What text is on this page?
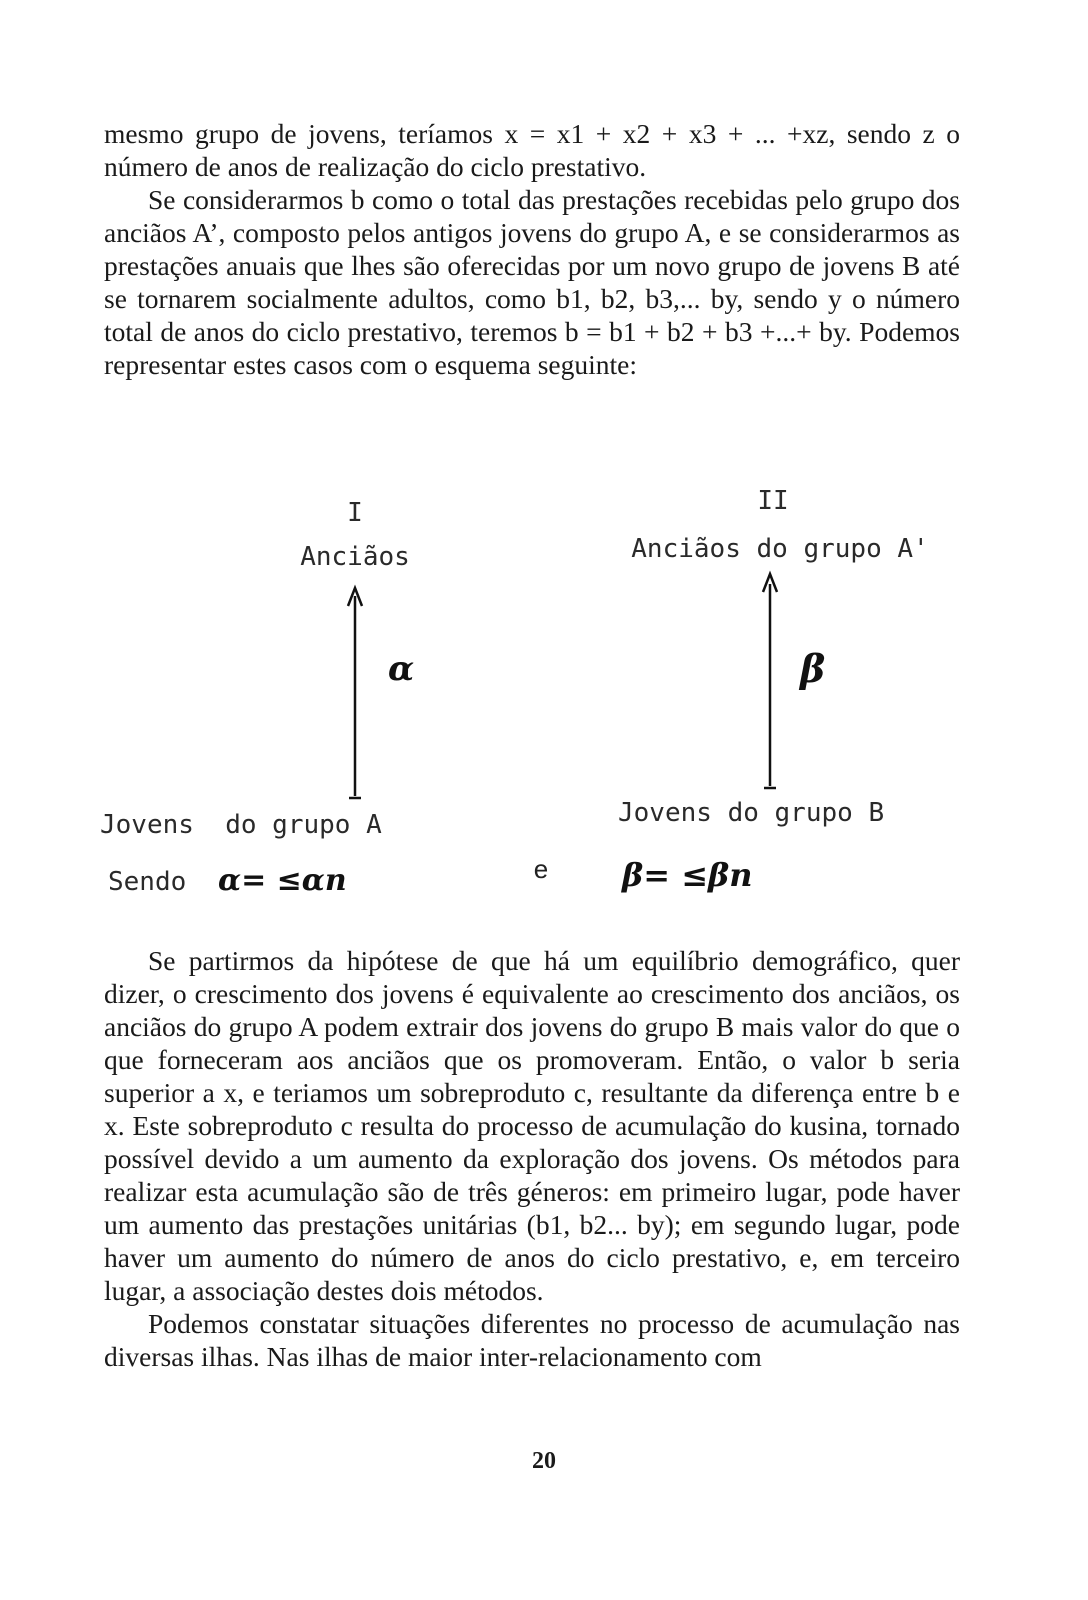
mesmo grupo de jovens, teríamos x = x1 + x2 + x3 + ... +xz, sendo z o número de anos de realização do ciclo prestativo.

Se considerarmos b como o total das prestações recebidas pelo grupo dos anciãos A’, composto pelos antigos jovens do grupo A, e se considerarmos as prestações anuais que lhes são oferecidas por um novo grupo de jovens B até se tornarem socialmente adultos, como b1, b2, b3,... by, sendo y o número total de anos do ciclo prestativo, teremos b = b1 + b2 + b3 +...+ by. Podemos representar estes casos com o esquema seguinte:

I
Anciãos
α
Jovens  do grupo A
Sendo α= ≤αn	e
II
Anciãos do grupo A'
β
Jovens do grupo B
β= ≤βn

Se partirmos da hipótese de que há um equilíbrio demográfico, quer dizer, o crescimento dos jovens é equivalente ao crescimento dos anciãos, os anciãos do grupo A podem extrair dos jovens do grupo B mais valor do que o que forneceram aos anciãos que os promoveram. Então, o valor b seria superior a x, e teriamos um sobreproduto c, resultante da diferença entre b e x. Este sobreproduto c resulta do processo de acumulação do kusina, tornado possível devido a um aumento da exploração dos jovens. Os métodos para realizar esta acumulação são de três géneros: em primeiro lugar, pode haver um aumento das prestações unitárias (b1, b2... by); em segundo lugar, pode haver um aumento do número de anos do ciclo prestativo, e, em terceiro lugar, a associação destes dois métodos.

Podemos constatar situações diferentes no processo de acumulação nas diversas ilhas. Nas ilhas de maior inter-relacionamento com

20
